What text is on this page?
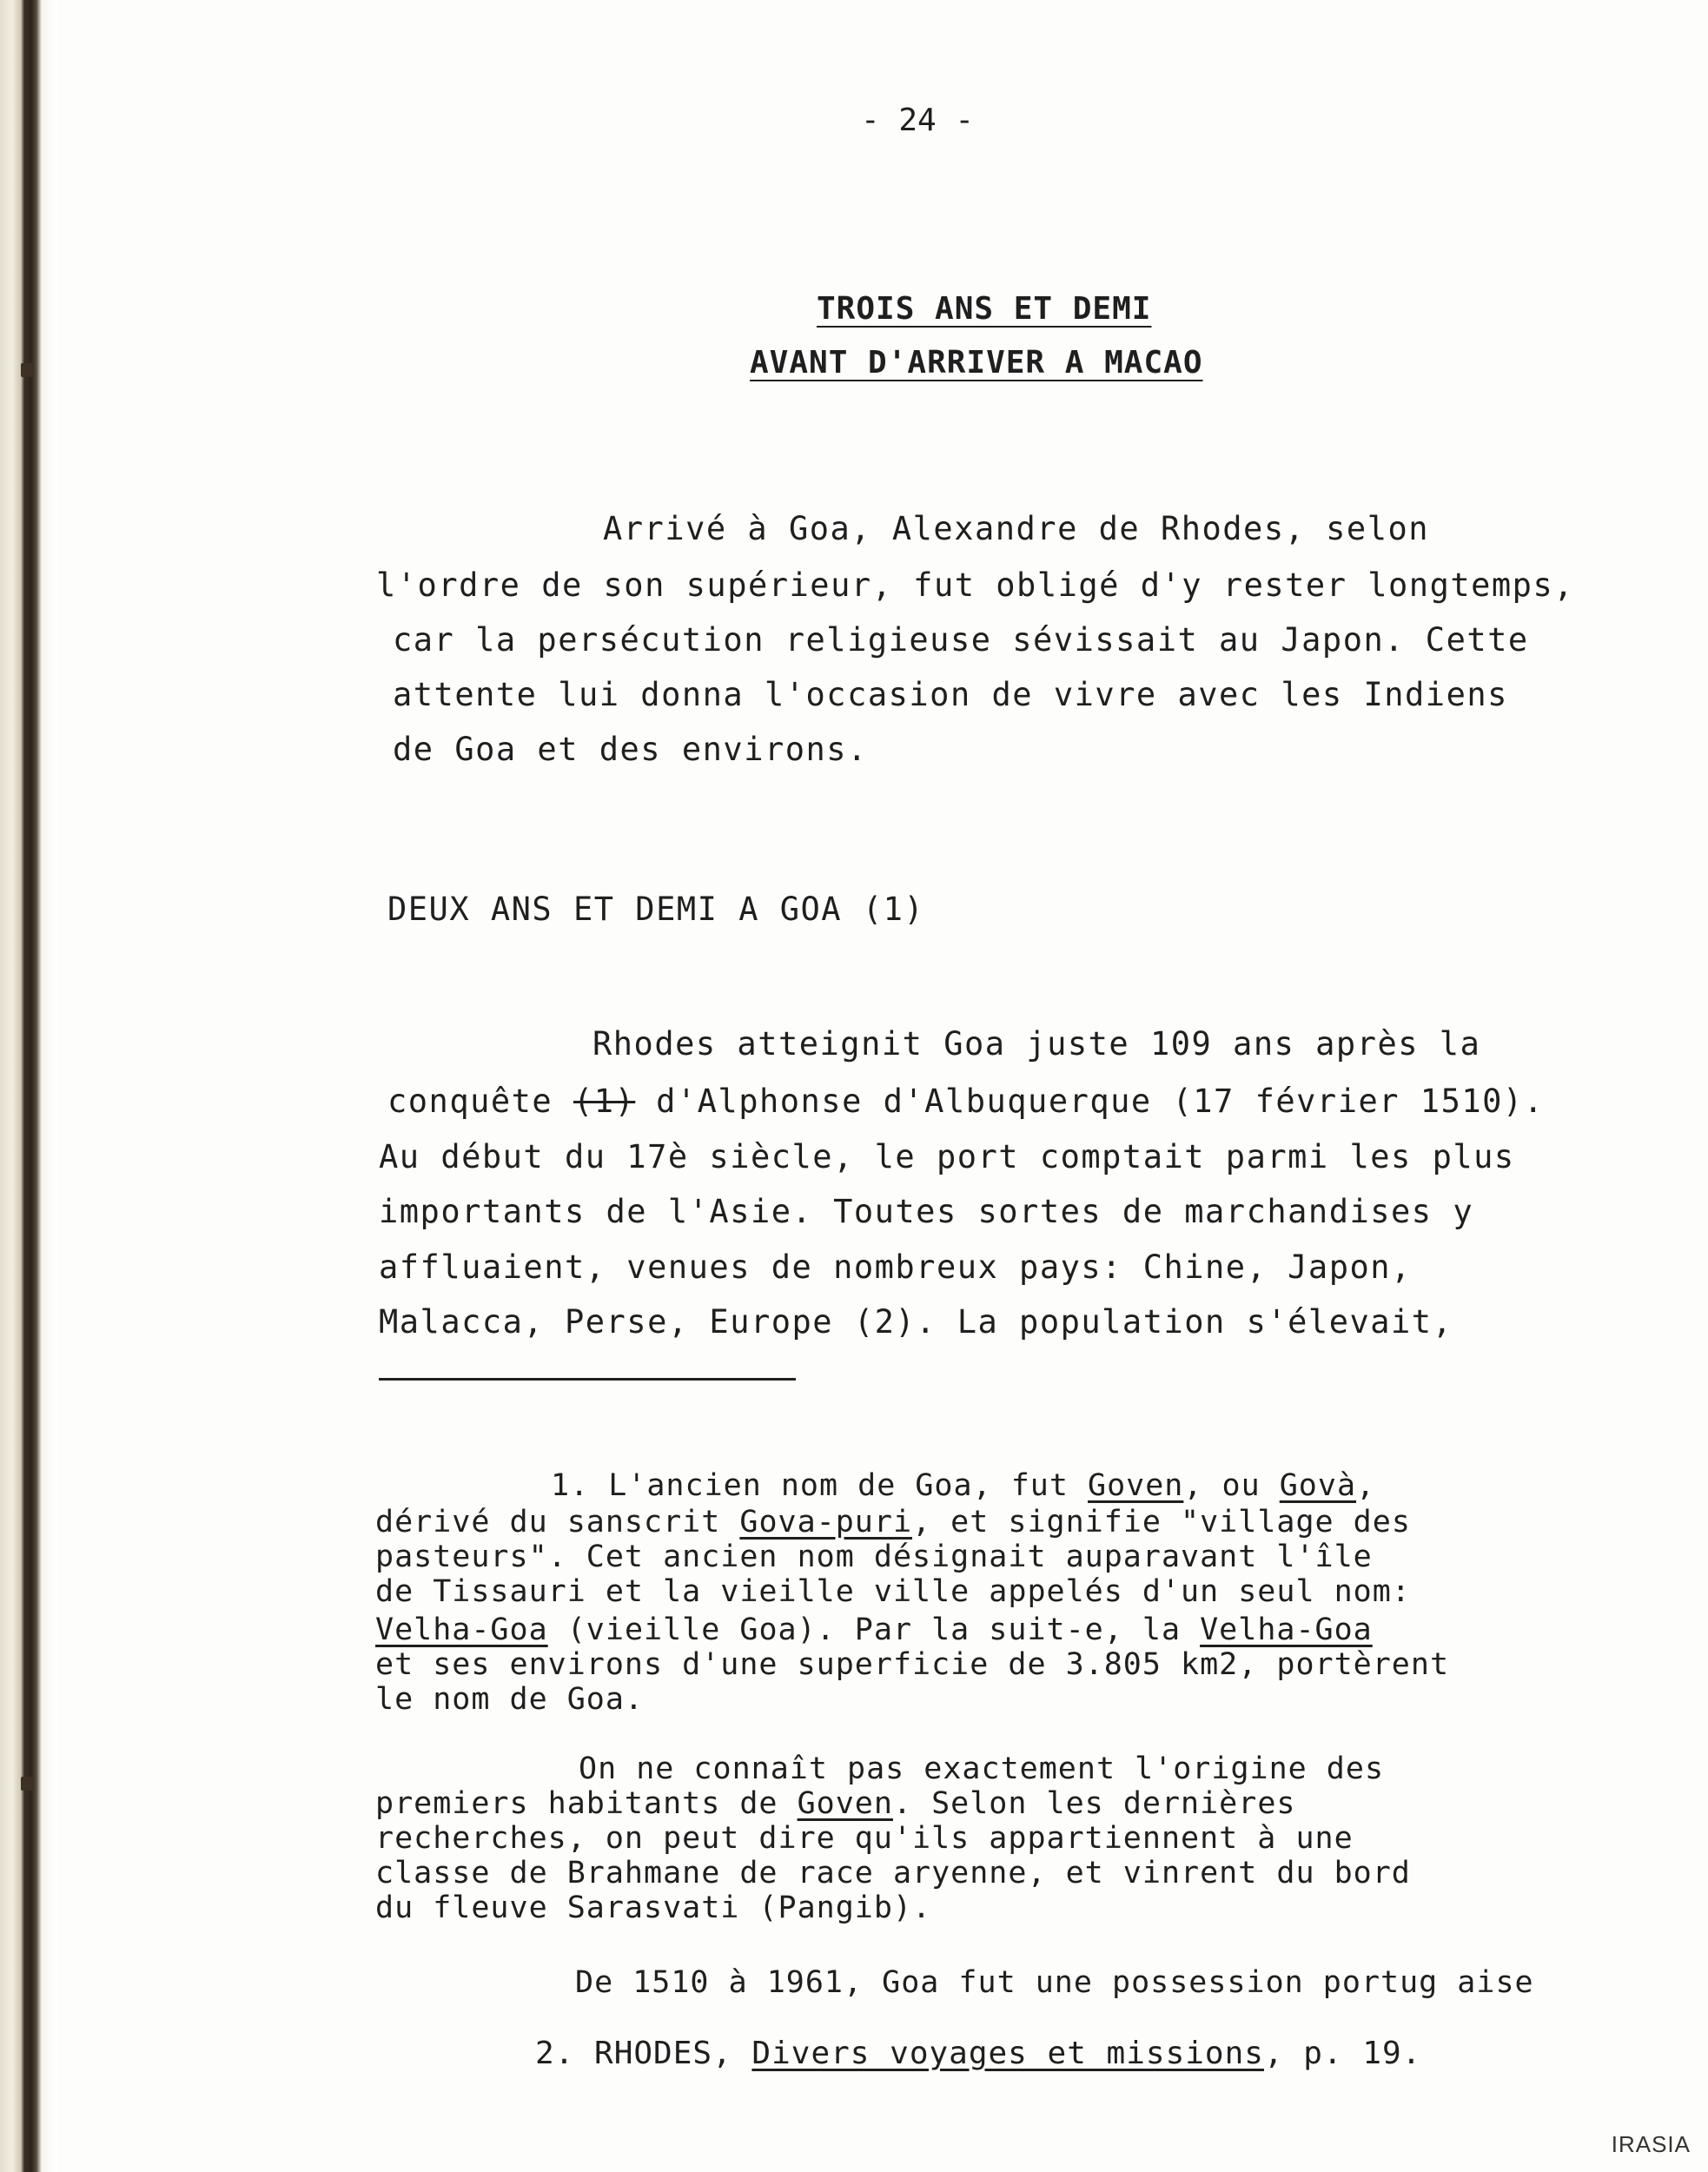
- 24 -
TROIS ANS ET DEMI
AVANT D'ARRIVER A MACAO
Arrivé à Goa, Alexandre de Rhodes, selon
l'ordre de son supérieur, fut obligé d'y rester longtemps,
car la persécution religieuse sévissait au Japon. Cette
attente lui donna l'occasion de vivre avec les Indiens
de Goa et des environs.
DEUX ANS ET DEMI A GOA (1)
Rhodes atteignit Goa juste 109 ans après la
conquête (1) d'Alphonse d'Albuquerque (17 février 1510).
Au début du 17è siècle, le port comptait parmi les plus
importants de l'Asie. Toutes sortes de marchandises y
affluaient, venues de nombreux pays: Chine, Japon,
Malacca, Perse, Europe (2). La population s'élevait,
1. L'ancien nom de Goa, fut Goven, ou Govà,
dérivé du sanscrit Gova-puri, et signifie "village des
pasteurs". Cet ancien nom désignait auparavant l'île
de Tissauri et la vieille ville appelés d'un seul nom:
Velha-Goa (vieille Goa). Par la suit-e, la Velha-Goa
et ses environs d'une superficie de 3.805 km2, portèrent
le nom de Goa.
On ne connaît pas exactement l'origine des
premiers habitants de Goven. Selon les dernières
recherches, on peut dire qu'ils appartiennent à une
classe de Brahmane de race aryenne, et vinrent du bord
du fleuve Sarasvati (Pangib).
De 1510 à 1961, Goa fut une possession portug aise
2. RHODES, Divers voyages et missions, p. 19.
IRASIA
